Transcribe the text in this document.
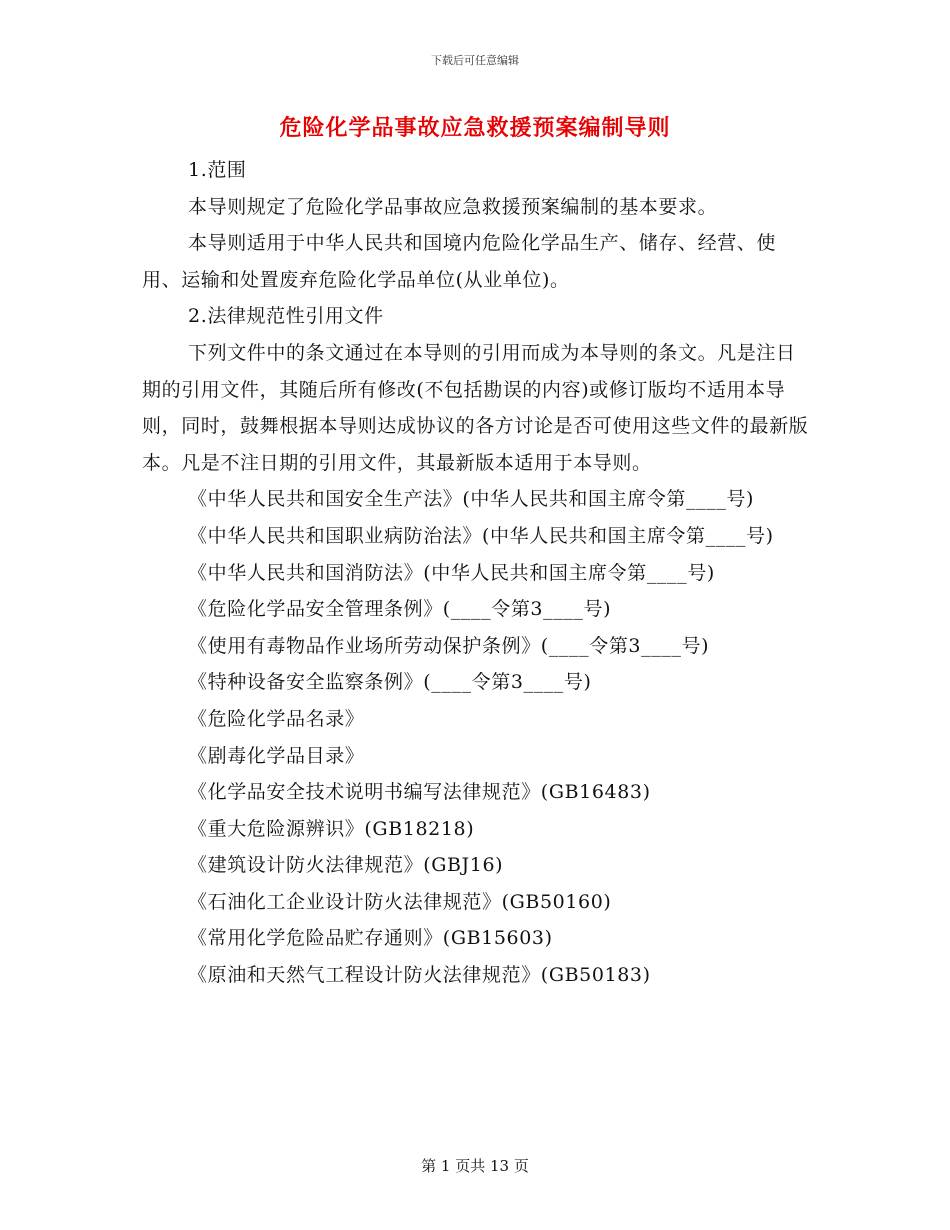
下载后可任意编辑
危险化学品事故应急救援预案编制导则

1.范围

本导则规定了危险化学品事故应急救援预案编制的基本要求。

本导则适用于中华人民共和国境内危险化学品生产、储存、经营、使用、运输和处置废弃危险化学品单位(从业单位)。

2.法律规范性引用文件

下列文件中的条文通过在本导则的引用而成为本导则的条文。凡是注日期的引用文件，其随后所有修改(不包括勘误的内容)或修订版均不适用本导则，同时，鼓舞根据本导则达成协议的各方讨论是否可使用这些文件的最新版本。凡是不注日期的引用文件，其最新版本适用于本导则。

《中华人民共和国安全生产法》(中华人民共和国主席令第____号)

《中华人民共和国职业病防治法》(中华人民共和国主席令第____号)

《中华人民共和国消防法》(中华人民共和国主席令第____号)

《危险化学品安全管理条例》(____令第3____号)

《使用有毒物品作业场所劳动保护条例》(____令第3____号)

《特种设备安全监察条例》(____令第3____号)

《危险化学品名录》

《剧毒化学品目录》

《化学品安全技术说明书编写法律规范》(GB16483)

《重大危险源辨识》(GB18218)

《建筑设计防火法律规范》(GBJ16)

《石油化工企业设计防火法律规范》(GB50160)

《常用化学危险品贮存通则》(GB15603)

《原油和天然气工程设计防火法律规范》(GB50183)

第 1 页共 13 页
